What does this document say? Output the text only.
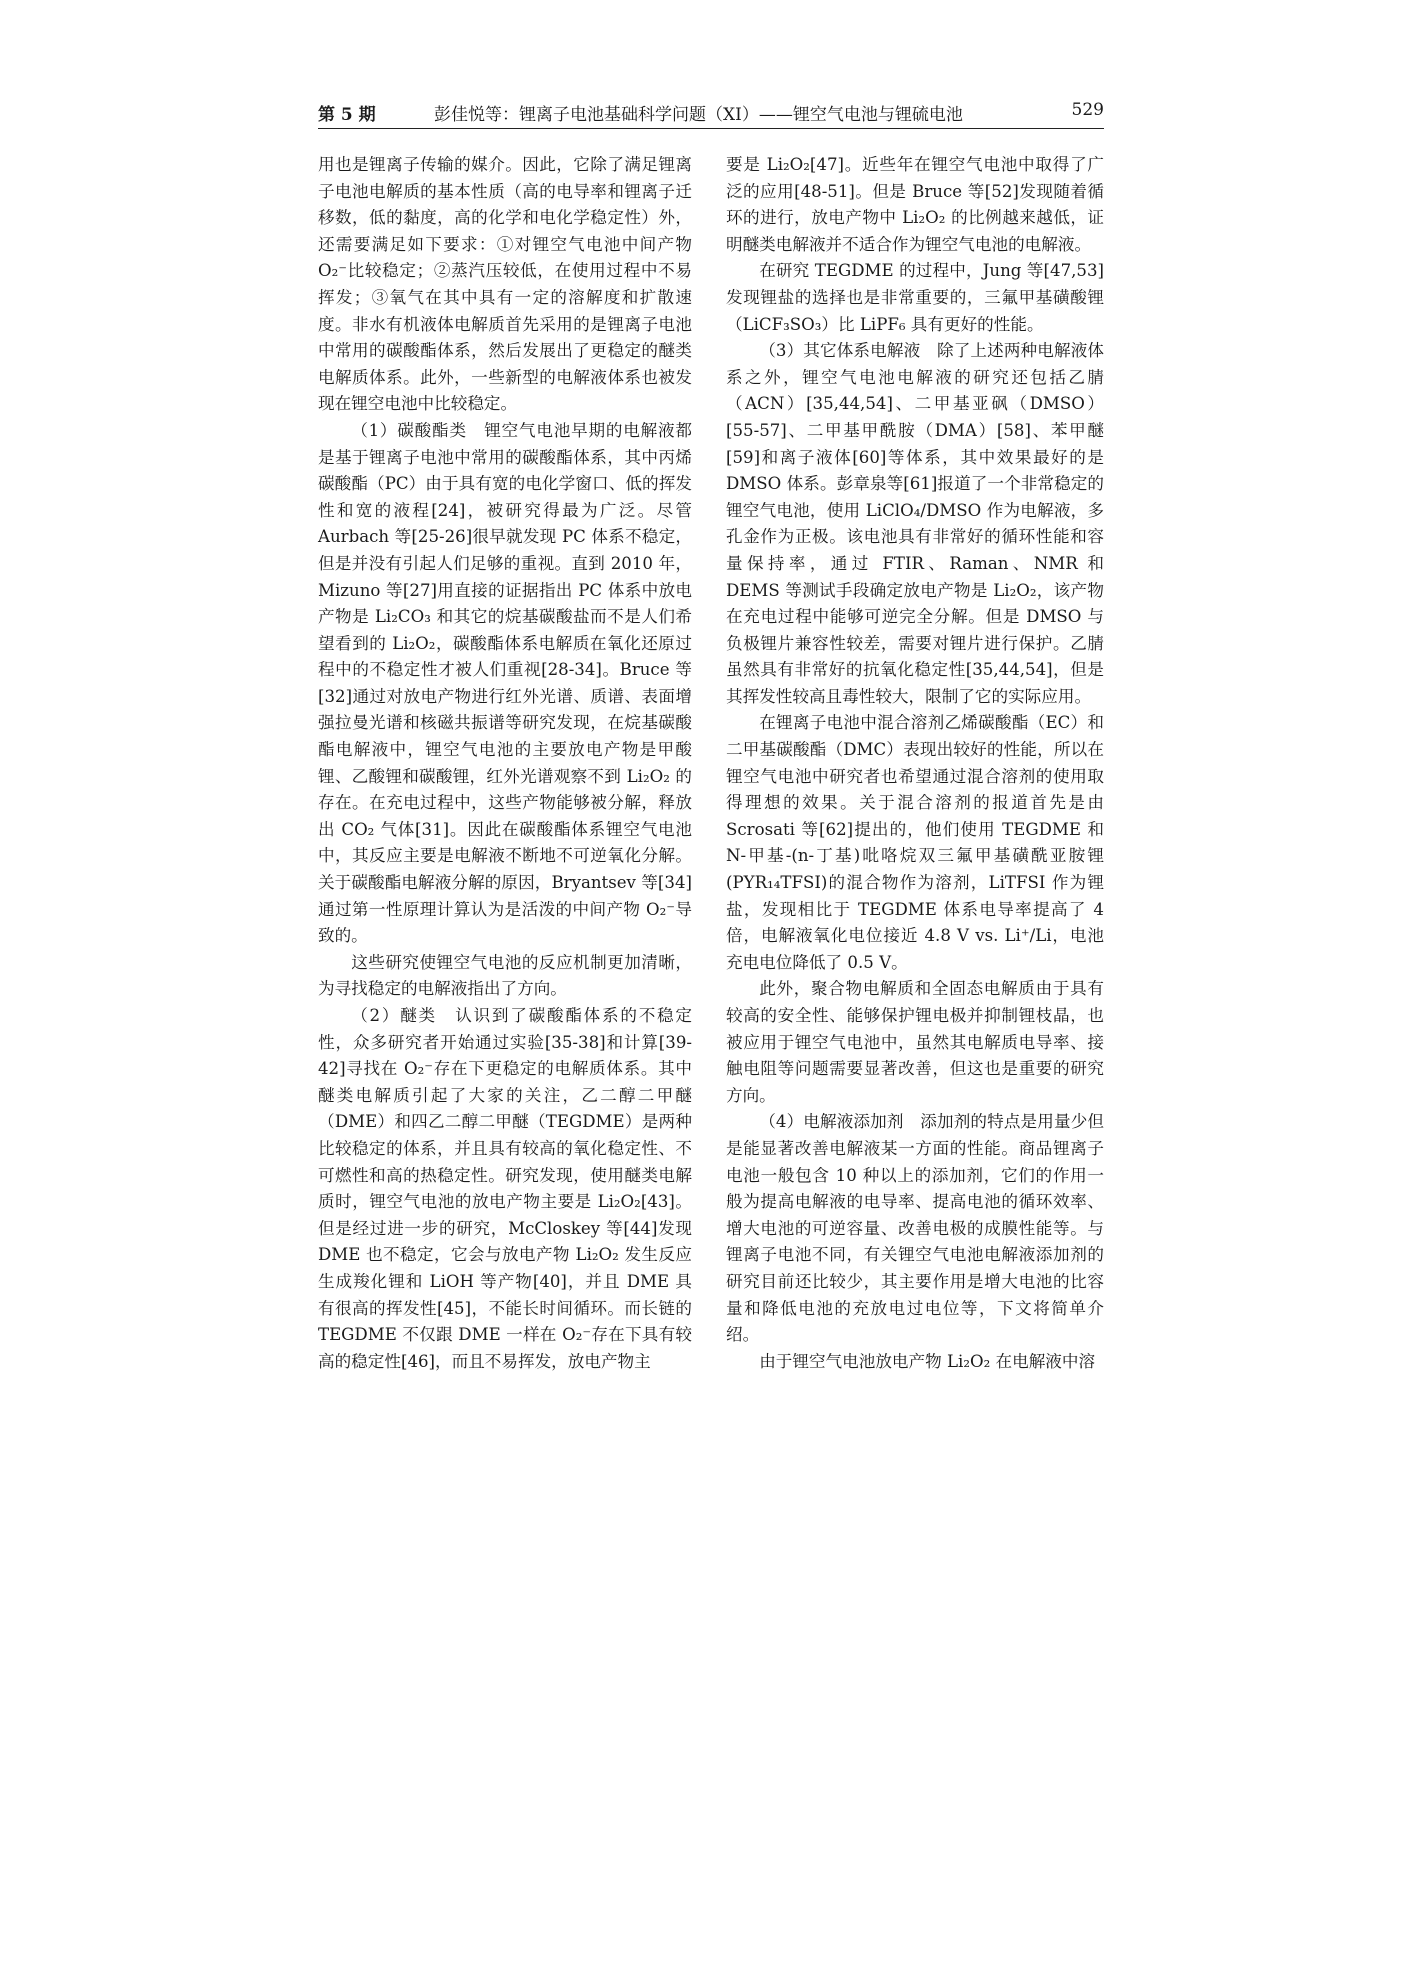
第 5 期	彭佳悦等：锂离子电池基础科学问题（XI）——锂空气电池与锂硫电池	529

用也是锂离子传输的媒介。因此，它除了满足锂离子电池电解质的基本性质（高的电导率和锂离子迁移数，低的黏度，高的化学和电化学稳定性）外，还需要满足如下要求：①对锂空气电池中间产物 O₂⁻比较稳定；②蒸汽压较低，在使用过程中不易挥发；③氧气在其中具有一定的溶解度和扩散速度。非水有机液体电解质首先采用的是锂离子电池中常用的碳酸酯体系，然后发展出了更稳定的醚类电解质体系。此外，一些新型的电解液体系也被发现在锂空电池中比较稳定。

（1）碳酸酯类　锂空气电池早期的电解液都是基于锂离子电池中常用的碳酸酯体系，其中丙烯碳酸酯（PC）由于具有宽的电化学窗口、低的挥发性和宽的液程[24]，被研究得最为广泛。尽管 Aurbach 等[25-26]很早就发现 PC 体系不稳定，但是并没有引起人们足够的重视。直到 2010 年，Mizuno 等[27]用直接的证据指出 PC 体系中放电产物是 Li₂CO₃ 和其它的烷基碳酸盐而不是人们希望看到的 Li₂O₂，碳酸酯体系电解质在氧化还原过程中的不稳定性才被人们重视[28-34]。Bruce 等[32]通过对放电产物进行红外光谱、质谱、表面增强拉曼光谱和核磁共振谱等研究发现，在烷基碳酸酯电解液中，锂空气电池的主要放电产物是甲酸锂、乙酸锂和碳酸锂，红外光谱观察不到 Li₂O₂ 的存在。在充电过程中，这些产物能够被分解，释放出 CO₂ 气体[31]。因此在碳酸酯体系锂空气电池中，其反应主要是电解液不断地不可逆氧化分解。关于碳酸酯电解液分解的原因，Bryantsev 等[34]通过第一性原理计算认为是活泼的中间产物 O₂⁻导致的。

这些研究使锂空气电池的反应机制更加清晰，为寻找稳定的电解液指出了方向。

（2）醚类　认识到了碳酸酯体系的不稳定性，众多研究者开始通过实验[35-38]和计算[39-42]寻找在 O₂⁻存在下更稳定的电解质体系。其中醚类电解质引起了大家的关注，乙二醇二甲醚（DME）和四乙二醇二甲醚（TEGDME）是两种比较稳定的体系，并且具有较高的氧化稳定性、不可燃性和高的热稳定性。研究发现，使用醚类电解质时，锂空气电池的放电产物主要是 Li₂O₂[43]。但是经过进一步的研究，McCloskey 等[44]发现 DME 也不稳定，它会与放电产物 Li₂O₂ 发生反应生成羧化锂和 LiOH 等产物[40]，并且 DME 具有很高的挥发性[45]，不能长时间循环。而长链的 TEGDME 不仅跟 DME 一样在 O₂⁻存在下具有较高的稳定性[46]，而且不易挥发，放电产物主

要是 Li₂O₂[47]。近些年在锂空气电池中取得了广泛的应用[48-51]。但是 Bruce 等[52]发现随着循环的进行，放电产物中 Li₂O₂ 的比例越来越低，证明醚类电解液并不适合作为锂空气电池的电解液。

在研究 TEGDME 的过程中，Jung 等[47,53]发现锂盐的选择也是非常重要的，三氟甲基磺酸锂（LiCF₃SO₃）比 LiPF₆ 具有更好的性能。

（3）其它体系电解液　除了上述两种电解液体系之外，锂空气电池电解液的研究还包括乙腈（ACN）[35,44,54]、二甲基亚砜（DMSO）[55-57]、二甲基甲酰胺（DMA）[58]、苯甲醚[59]和离子液体[60]等体系，其中效果最好的是 DMSO 体系。彭章泉等[61]报道了一个非常稳定的锂空气电池，使用 LiClO₄/DMSO 作为电解液，多孔金作为正极。该电池具有非常好的循环性能和容量保持率，通过 FTIR、Raman、NMR 和 DEMS 等测试手段确定放电产物是 Li₂O₂，该产物在充电过程中能够可逆完全分解。但是 DMSO 与负极锂片兼容性较差，需要对锂片进行保护。乙腈虽然具有非常好的抗氧化稳定性[35,44,54]，但是其挥发性较高且毒性较大，限制了它的实际应用。

在锂离子电池中混合溶剂乙烯碳酸酯（EC）和二甲基碳酸酯（DMC）表现出较好的性能，所以在锂空气电池中研究者也希望通过混合溶剂的使用取得理想的效果。关于混合溶剂的报道首先是由 Scrosati 等[62]提出的，他们使用 TEGDME 和 N-甲基-(n-丁基)吡咯烷双三氟甲基磺酰亚胺锂(PYR₁₄TFSI)的混合物作为溶剂，LiTFSI 作为锂盐，发现相比于 TEGDME 体系电导率提高了 4 倍，电解液氧化电位接近 4.8 V vs. Li⁺/Li，电池充电电位降低了 0.5 V。

此外，聚合物电解质和全固态电解质由于具有较高的安全性、能够保护锂电极并抑制锂枝晶，也被应用于锂空气电池中，虽然其电解质电导率、接触电阻等问题需要显著改善，但这也是重要的研究方向。

（4）电解液添加剂　添加剂的特点是用量少但是能显著改善电解液某一方面的性能。商品锂离子电池一般包含 10 种以上的添加剂，它们的作用一般为提高电解液的电导率、提高电池的循环效率、增大电池的可逆容量、改善电极的成膜性能等。与锂离子电池不同，有关锂空气电池电解液添加剂的研究目前还比较少，其主要作用是增大电池的比容量和降低电池的充放电过电位等，下文将简单介绍。

由于锂空气电池放电产物 Li₂O₂ 在电解液中溶
